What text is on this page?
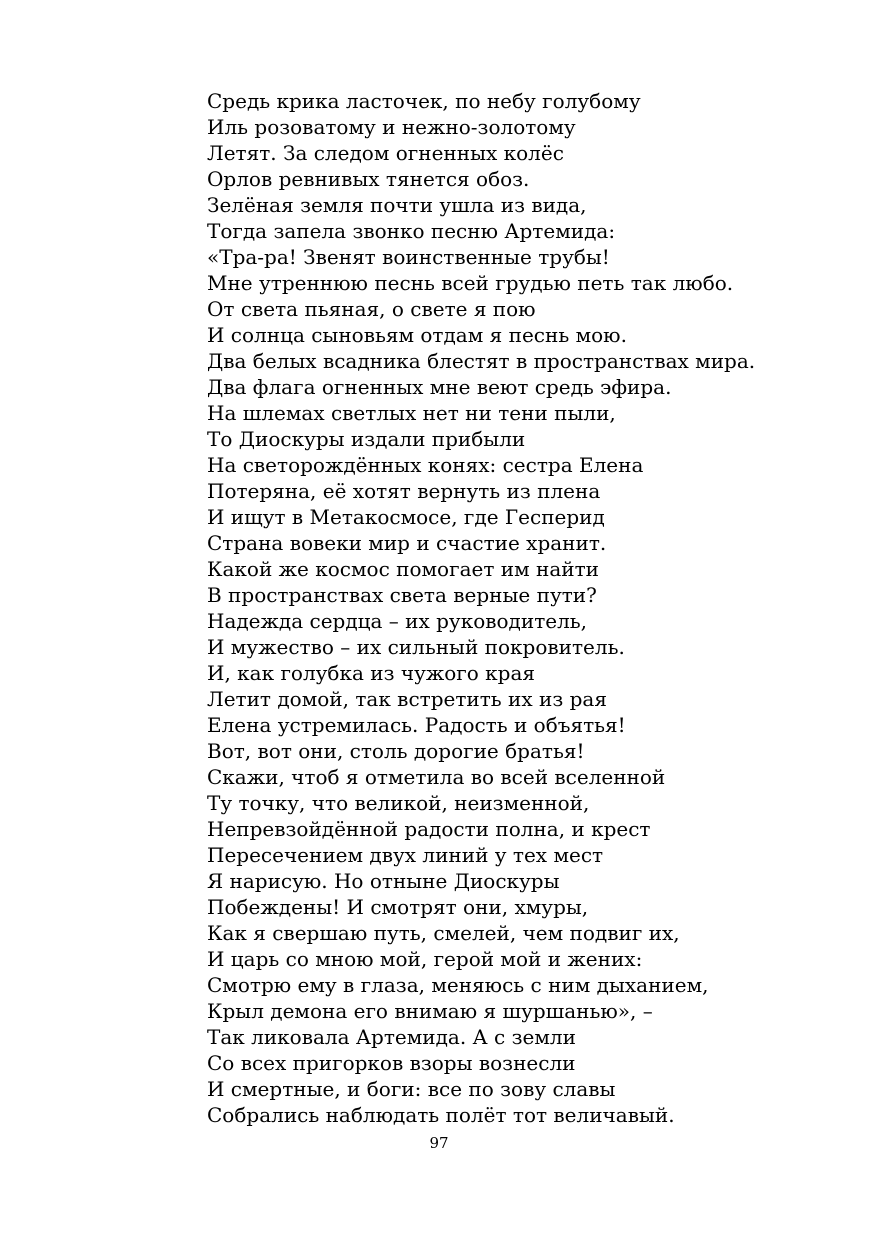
Средь крика ласточек, по небу голубому
Иль розоватому и нежно-золотому
Летят. За следом огненных колёс
Орлов ревнивых тянется обоз.
Зелёная земля почти ушла из вида,
Тогда запела звонко песню Артемида:
«Тра-ра! Звенят воинственные трубы!
Мне утреннюю песнь всей грудью петь так любо.
От света пьяная, о свете я пою
И солнца сыновьям отдам я песнь мою.
Два белых всадника блестят в пространствах мира.
Два флага огненных мне веют средь эфира.
На шлемах светлых нет ни тени пыли,
То Диоскуры издали прибыли
На светорождённых конях: сестра Елена
Потеряна, её хотят вернуть из плена
И ищут в Метакосмосе, где Гесперид
Страна вовеки мир и счастие хранит.
Какой же космос помогает им найти
В пространствах света верные пути?
Надежда сердца – их руководитель,
И мужество – их сильный покровитель.
И, как голубка из чужого края
Летит домой, так встретить их из рая
Елена устремилась. Радость и объятья!
Вот, вот они, столь дорогие братья!
Скажи, чтоб я отметила во всей вселенной
Ту точку, что великой, неизменной,
Непревзойдённой радости полна, и крест
Пересечением двух линий у тех мест
Я нарисую. Но отныне Диоскуры
Побеждены! И смотрят они, хмуры,
Как я свершаю путь, смелей, чем подвиг их,
И царь со мною мой, герой мой и жених:
Смотрю ему в глаза, меняюсь с ним дыханием,
Крыл демона его внимаю я шуршанью», –
Так ликовала Артемида. А с земли
Со всех пригорков взоры вознесли
И смертные, и боги: все по зову славы
Собрались наблюдать полёт тот величавый.
97
